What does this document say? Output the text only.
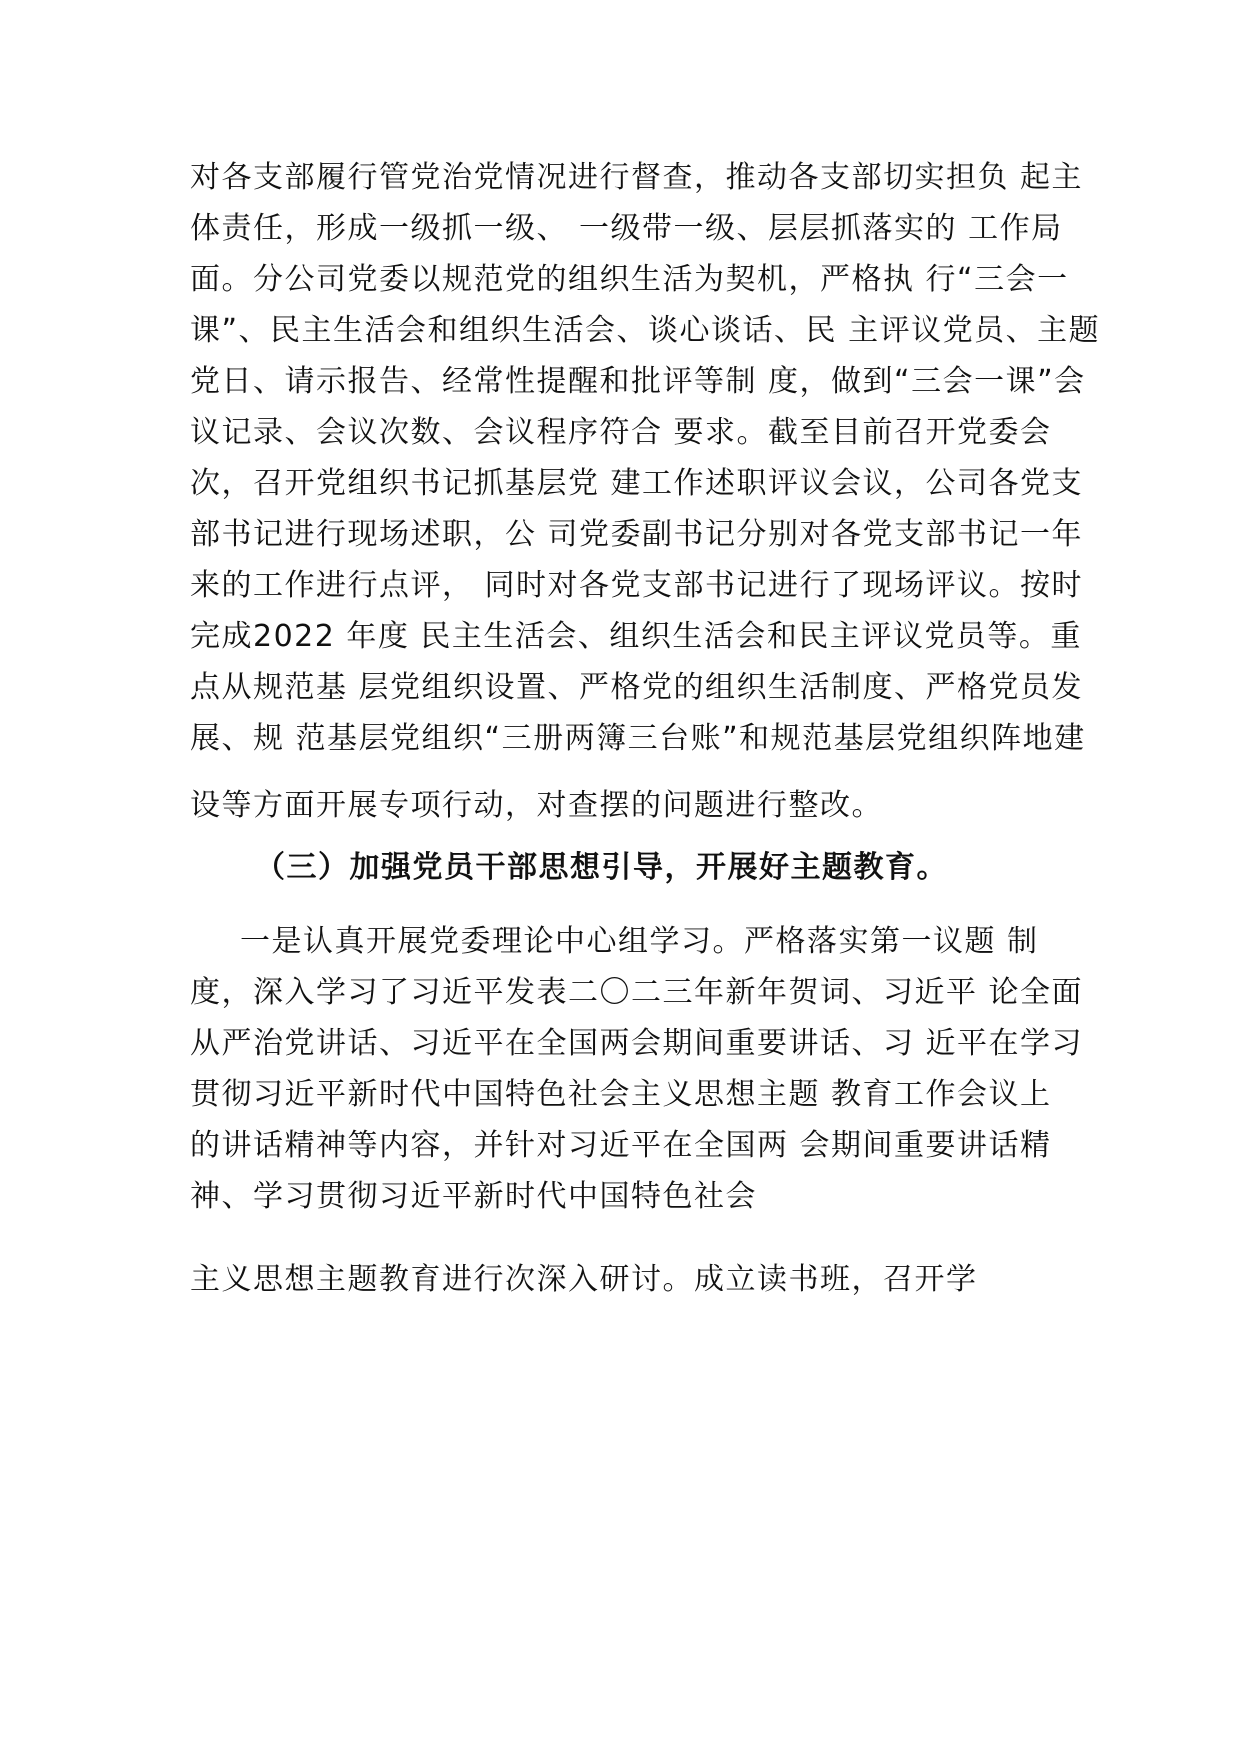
对各支部履行管党治党情况进行督查，推动各支部切实担负 起主
体责任，形成一级抓一级、 一级带一级、层层抓落实的 工作局
面。分公司党委以规范党的组织生活为契机，严格执 行“三会一
课”、民主生活会和组织生活会、谈心谈话、民 主评议党员、主题
党日、请示报告、经常性提醒和批评等制 度，做到“三会一课”会
议记录、会议次数、会议程序符合 要求。截至目前召开党委会
次，召开党组织书记抓基层党 建工作述职评议会议，公司各党支
部书记进行现场述职，公 司党委副书记分别对各党支部书记一年
来的工作进行点评， 同时对各党支部书记进行了现场评议。按时
完成2022 年度 民主生活会、组织生活会和民主评议党员等。重
点从规范基 层党组织设置、严格党的组织生活制度、严格党员发
展、规 范基层党组织“三册两簿三台账”和规范基层党组织阵地建
设等方面开展专项行动，对查摆的问题进行整改。
（三）加强党员干部思想引导，开展好主题教育。
一是认真开展党委理论中心组学习。严格落实第一议题 制
度，深入学习了习近平发表二〇二三年新年贺词、习近平 论全面
从严治党讲话、习近平在全国两会期间重要讲话、习 近平在学习
贯彻习近平新时代中国特色社会主义思想主题 教育工作会议上
的讲话精神等内容，并针对习近平在全国两 会期间重要讲话精
神、学习贯彻习近平新时代中国特色社会
主义思想主题教育进行次深入研讨。成立读书班，召开学
